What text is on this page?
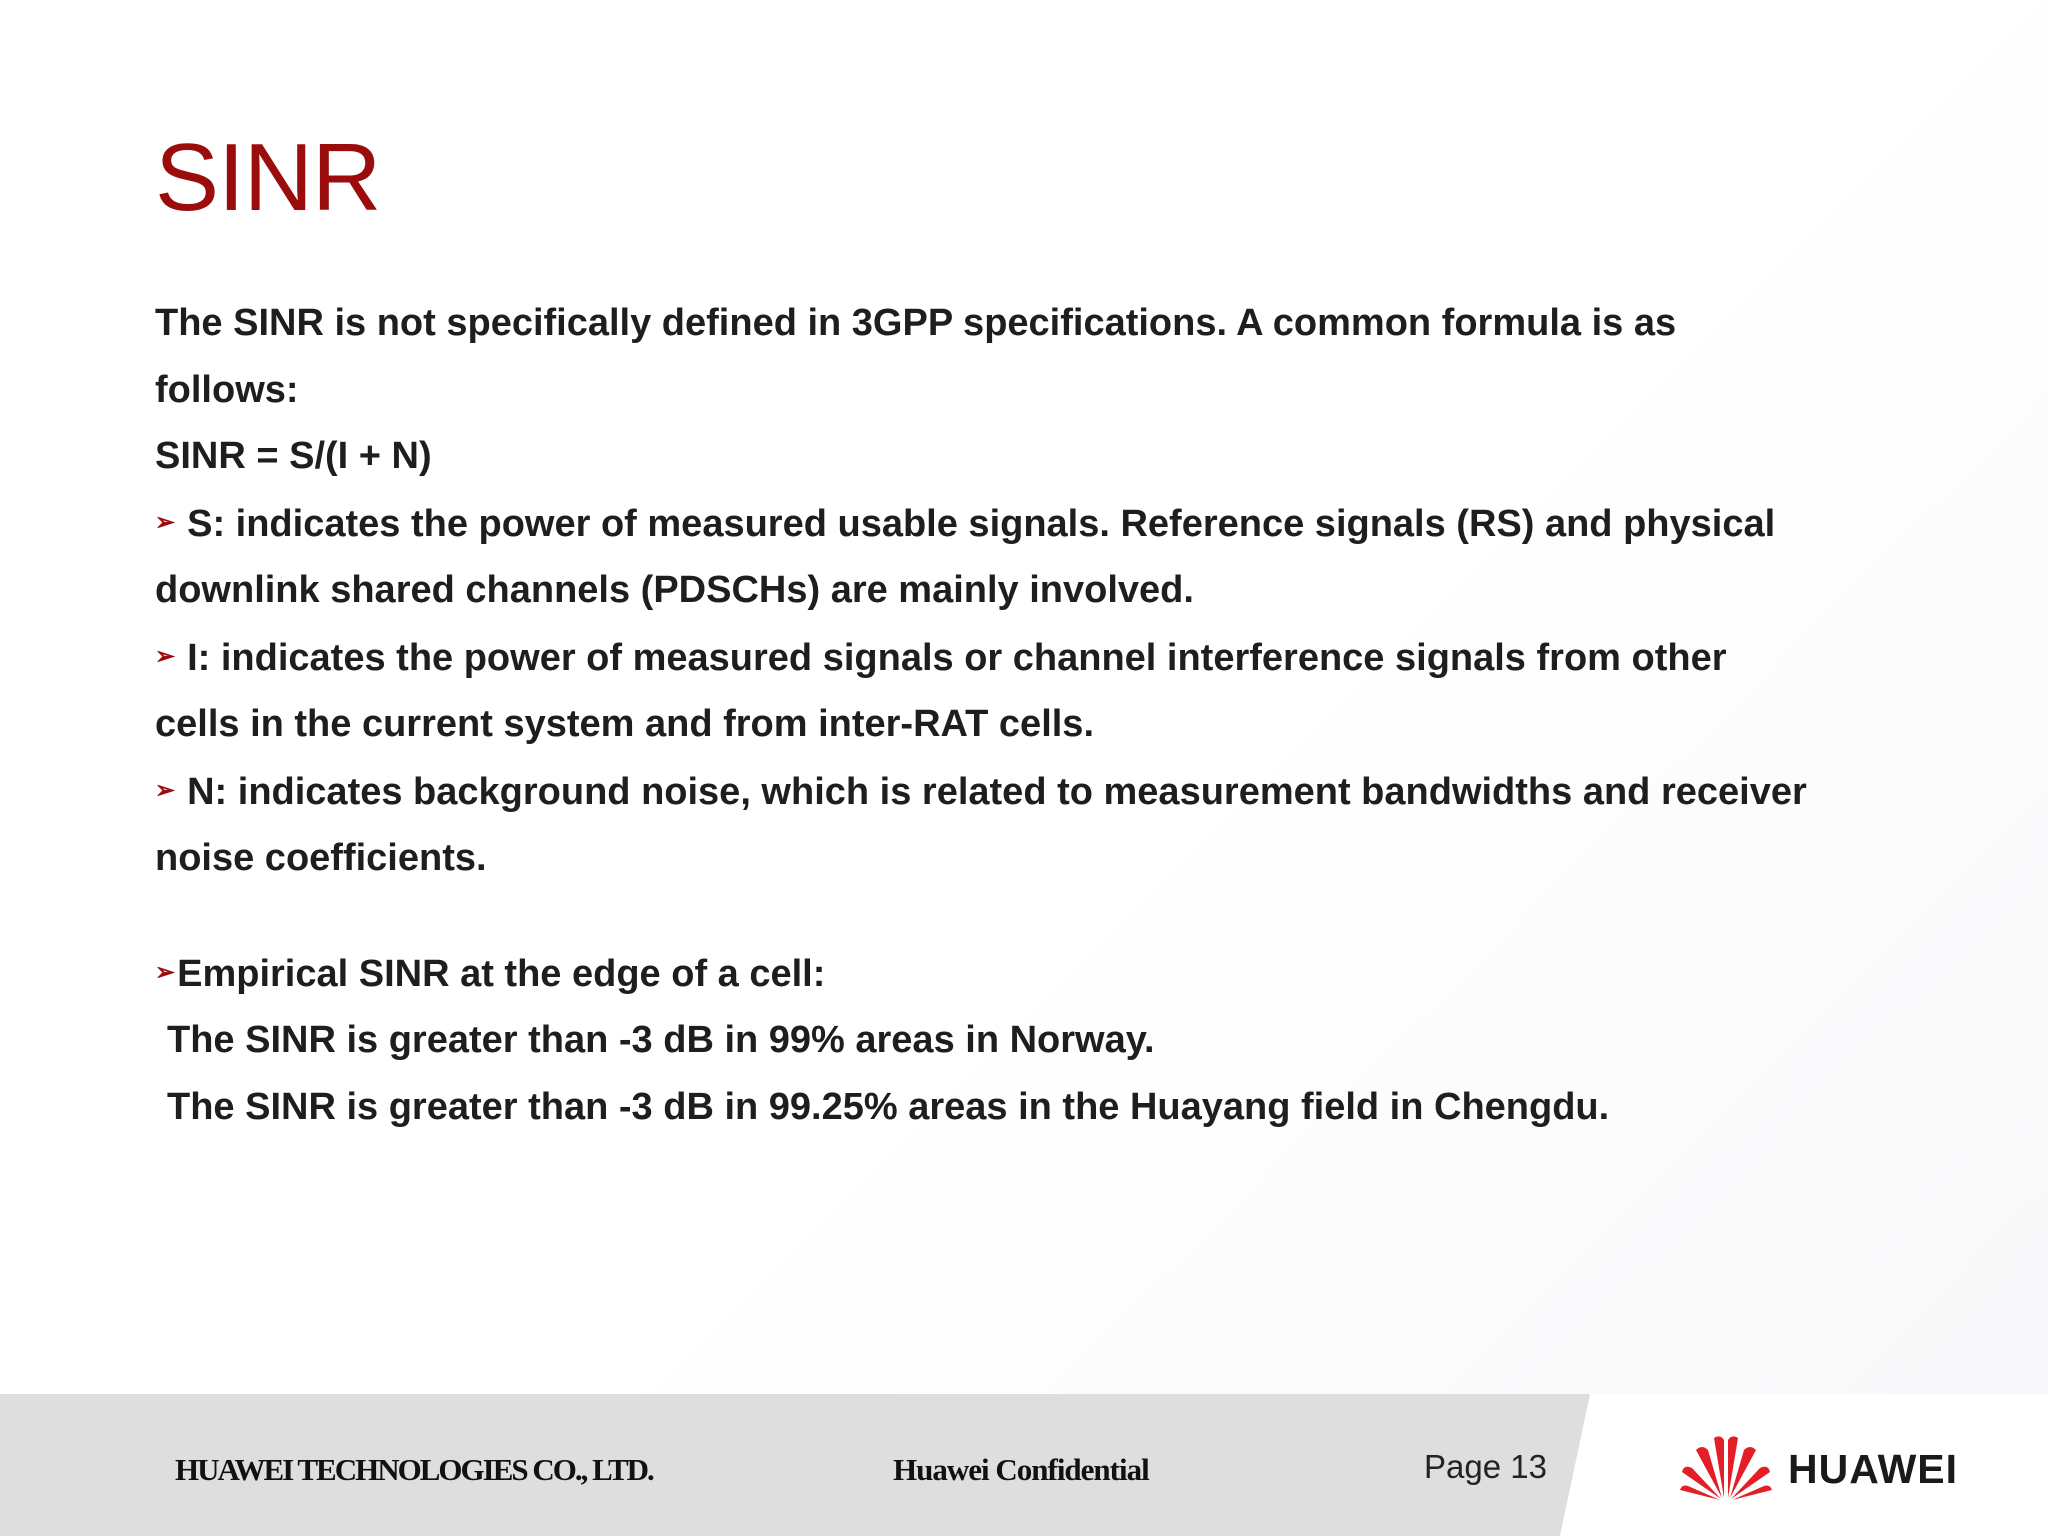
SINR
The SINR is not specifically defined in 3GPP specifications. A common formula is as
follows:
SINR = S/(I + N)
➢ S: indicates the power of measured usable signals. Reference signals (RS) and physical
downlink shared channels (PDSCHs) are mainly involved.
➢ I: indicates the power of measured signals or channel interference signals from other
cells in the current system and from inter-RAT cells.
➢ N: indicates background noise, which is related to measurement bandwidths and receiver
noise coefficients.
➢Empirical SINR at the edge of a cell:
The SINR is greater than -3 dB in 99% areas in Norway.
The SINR is greater than -3 dB in 99.25% areas in the Huayang field in Chengdu.
HUAWEI TECHNOLOGIES CO., LTD.	Huawei Confidential	Page 13	HUAWEI
